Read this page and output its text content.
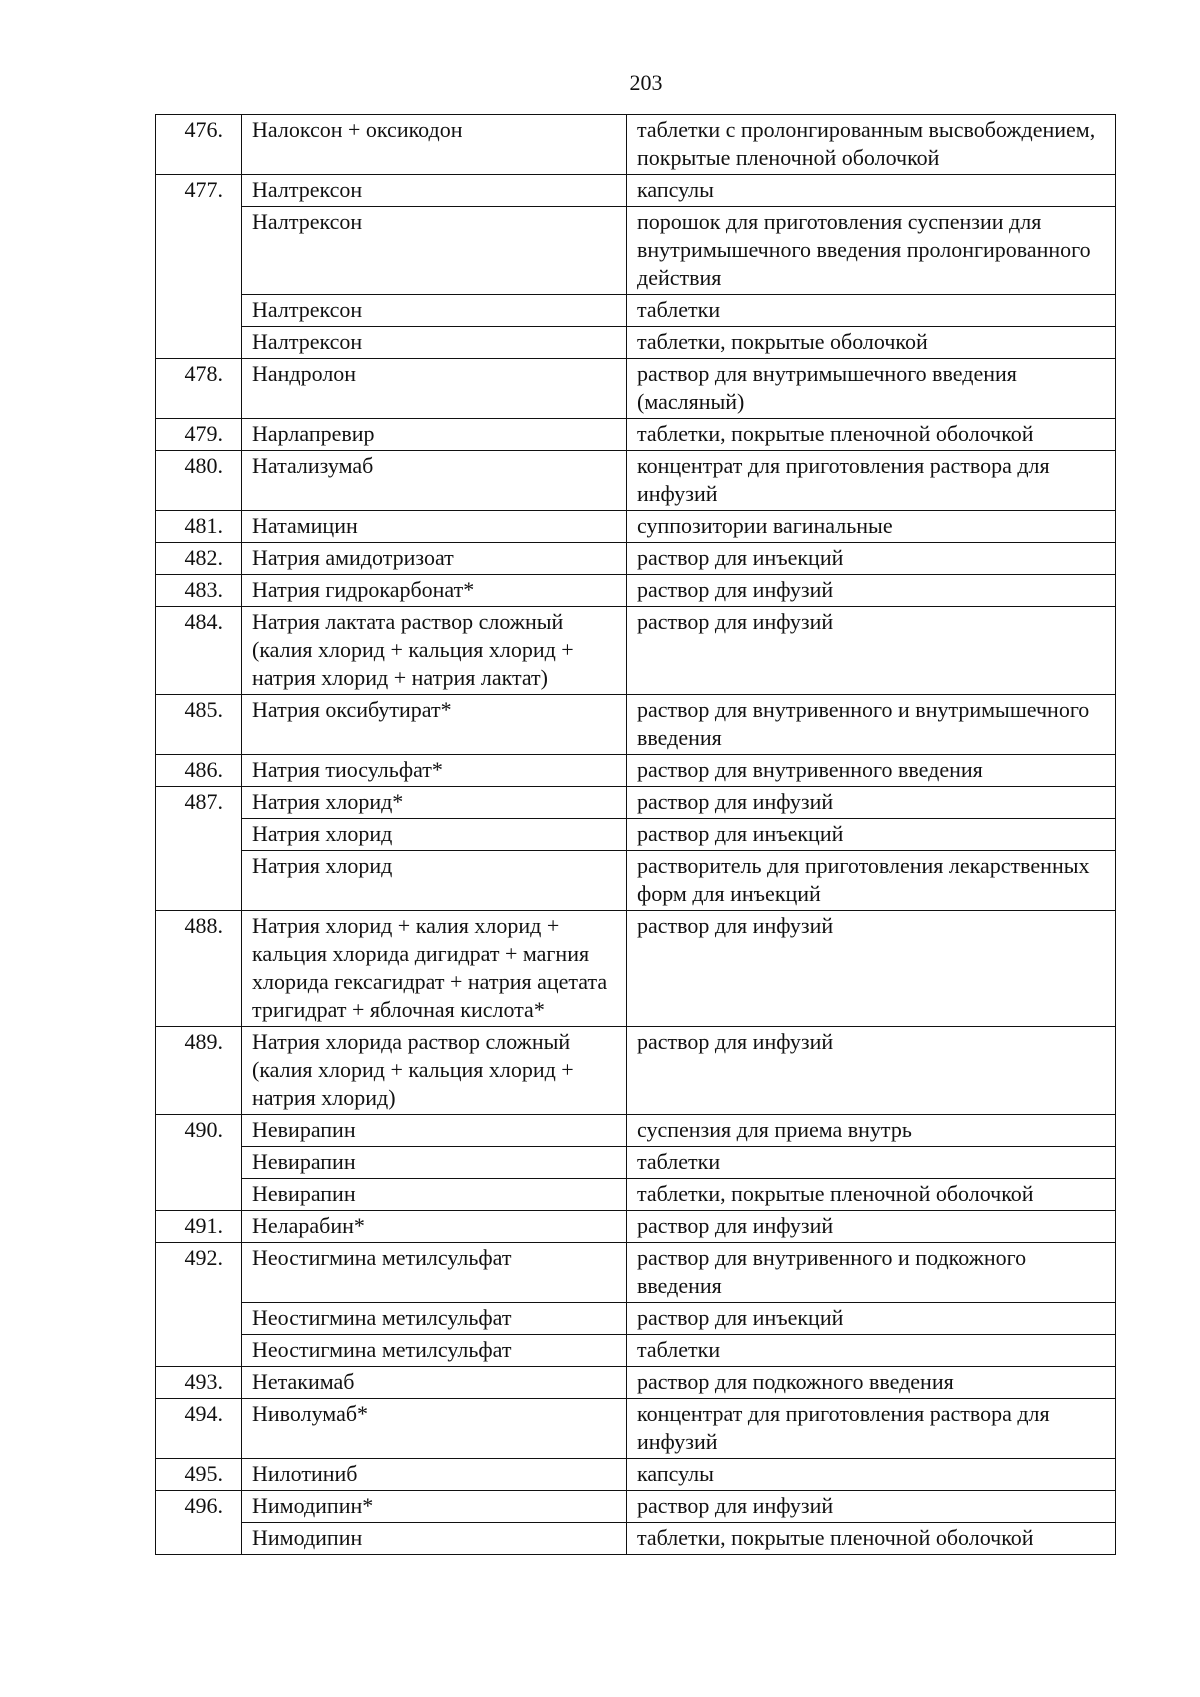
203
476.	Налоксон + оксикодон	таблетки с пролонгированным высвобождением, покрытые пленочной оболочкой
477.	Налтрексон	капсулы
	Налтрексон	порошок для приготовления суспензии для внутримышечного введения пролонгированного действия
	Налтрексон	таблетки
	Налтрексон	таблетки, покрытые оболочкой
478.	Нандролон	раствор для внутримышечного введения (масляный)
479.	Нарлапревир	таблетки, покрытые пленочной оболочкой
480.	Натализумаб	концентрат для приготовления раствора для инфузий
481.	Натамицин	суппозитории вагинальные
482.	Натрия амидотризоат	раствор для инъекций
483.	Натрия гидрокарбонат*	раствор для инфузий
484.	Натрия лактата раствор сложный (калия хлорид + кальция хлорид + натрия хлорид + натрия лактат)	раствор для инфузий
485.	Натрия оксибутират*	раствор для внутривенного и внутримышечного введения
486.	Натрия тиосульфат*	раствор для внутривенного введения
487.	Натрия хлорид*	раствор для инфузий
	Натрия хлорид	раствор для инъекций
	Натрия хлорид	растворитель для приготовления лекарственных форм для инъекций
488.	Натрия хлорид + калия хлорид + кальция хлорида дигидрат + магния хлорида гексагидрат + натрия ацетата тригидрат + яблочная кислота*	раствор для инфузий
489.	Натрия хлорида раствор сложный (калия хлорид + кальция хлорид + натрия хлорид)	раствор для инфузий
490.	Невирапин	суспензия для приема внутрь
	Невирапин	таблетки
	Невирапин	таблетки, покрытые пленочной оболочкой
491.	Неларабин*	раствор для инфузий
492.	Неостигмина метилсульфат	раствор для внутривенного и подкожного введения
	Неостигмина метилсульфат	раствор для инъекций
	Неостигмина метилсульфат	таблетки
493.	Нетакимаб	раствор для подкожного введения
494.	Ниволумаб*	концентрат для приготовления раствора для инфузий
495.	Нилотиниб	капсулы
496.	Нимодипин*	раствор для инфузий
	Нимодипин	таблетки, покрытые пленочной оболочкой
